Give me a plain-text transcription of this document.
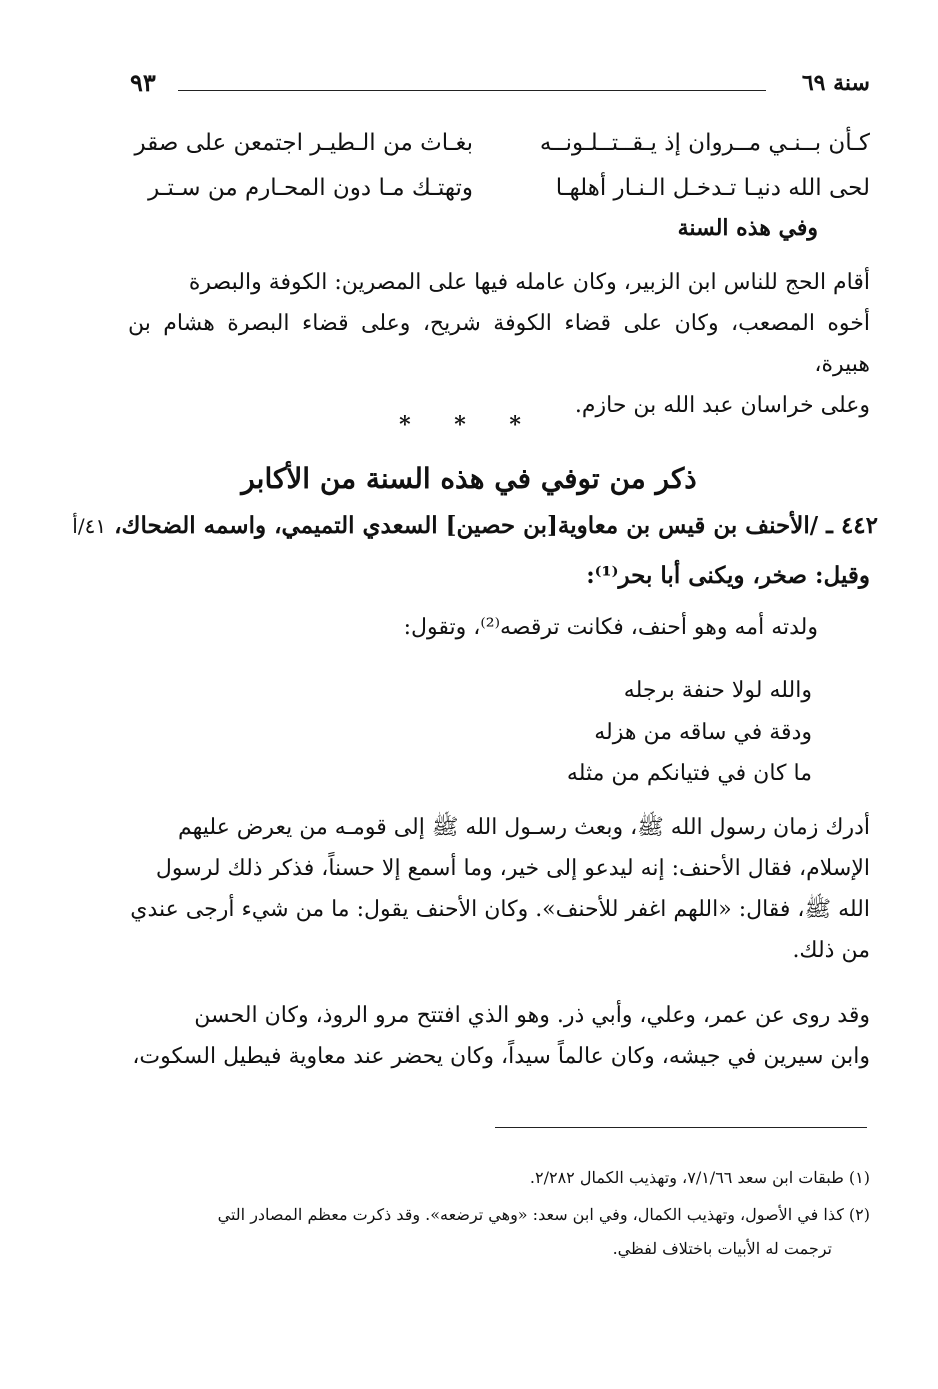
٩٣	سنة ٦٩
كـأن بــنـي مــروان إذ يـقــتــلـونــه
بغـاث من الـطيـر اجتمعن على صقر
لحى الله دنيـا تـدخـل الـنـار أهلهـا
وتهتـك مـا دون المحـارم من سـتـر
وفي هذه السنة

أقام الحج للناس ابن الزبير، وكان عامله فيها على المصرين: الكوفة والبصرة

أخوه المصعب، وكان على قضاء الكوفة شريح، وعلى قضاء البصرة هشام بن هبيرة،

وعلى خراسان عبد الله بن حازم.

* * *
ذكر من توفي في هذه السنة من الأكابر
٤٤٢ ـ /الأحنف بن قيس بن معاوية[بن حصين] السعدي التميمي، واسمه الضحاك، ٤١/أ
وقيل: صخر، ويكنى أبا بحر⁽¹⁾:
ولدته أمه وهو أحنف، فكانت ترقصه⁽²⁾، وتقول:
والله لولا حنفة برجله
ودقة في ساقه من هزله
ما كان في فتيانكم من مثله

أدرك زمان رسول الله ﷺ، وبعث رسـول الله ﷺ إلى قومـه من يعرض عليهم

الإسلام، فقال الأحنف: إنه ليدعو إلى خير، وما أسمع إلا حسناً، فذكر ذلك لرسول

الله ﷺ، فقال: «اللهم اغفر للأحنف». وكان الأحنف يقول: ما من شيء أرجى عندي

من ذلك.

وقد روى عن عمر، وعلي، وأبي ذر. وهو الذي افتتح مرو الروذ، وكان الحسن

وابن سيرين في جيشه، وكان عالماً سيداً، وكان يحضر عند معاوية فيطيل السكوت،

(١) طبقات ابن سعد ٧/١/٦٦، وتهذيب الكمال ٢/٢٨٢.
(٢) كذا في الأصول، وتهذيب الكمال، وفي ابن سعد: «وهي ترضعه». وقد ذكرت معظم المصادر التي
ترجمت له الأبيات باختلاف لفظي.
